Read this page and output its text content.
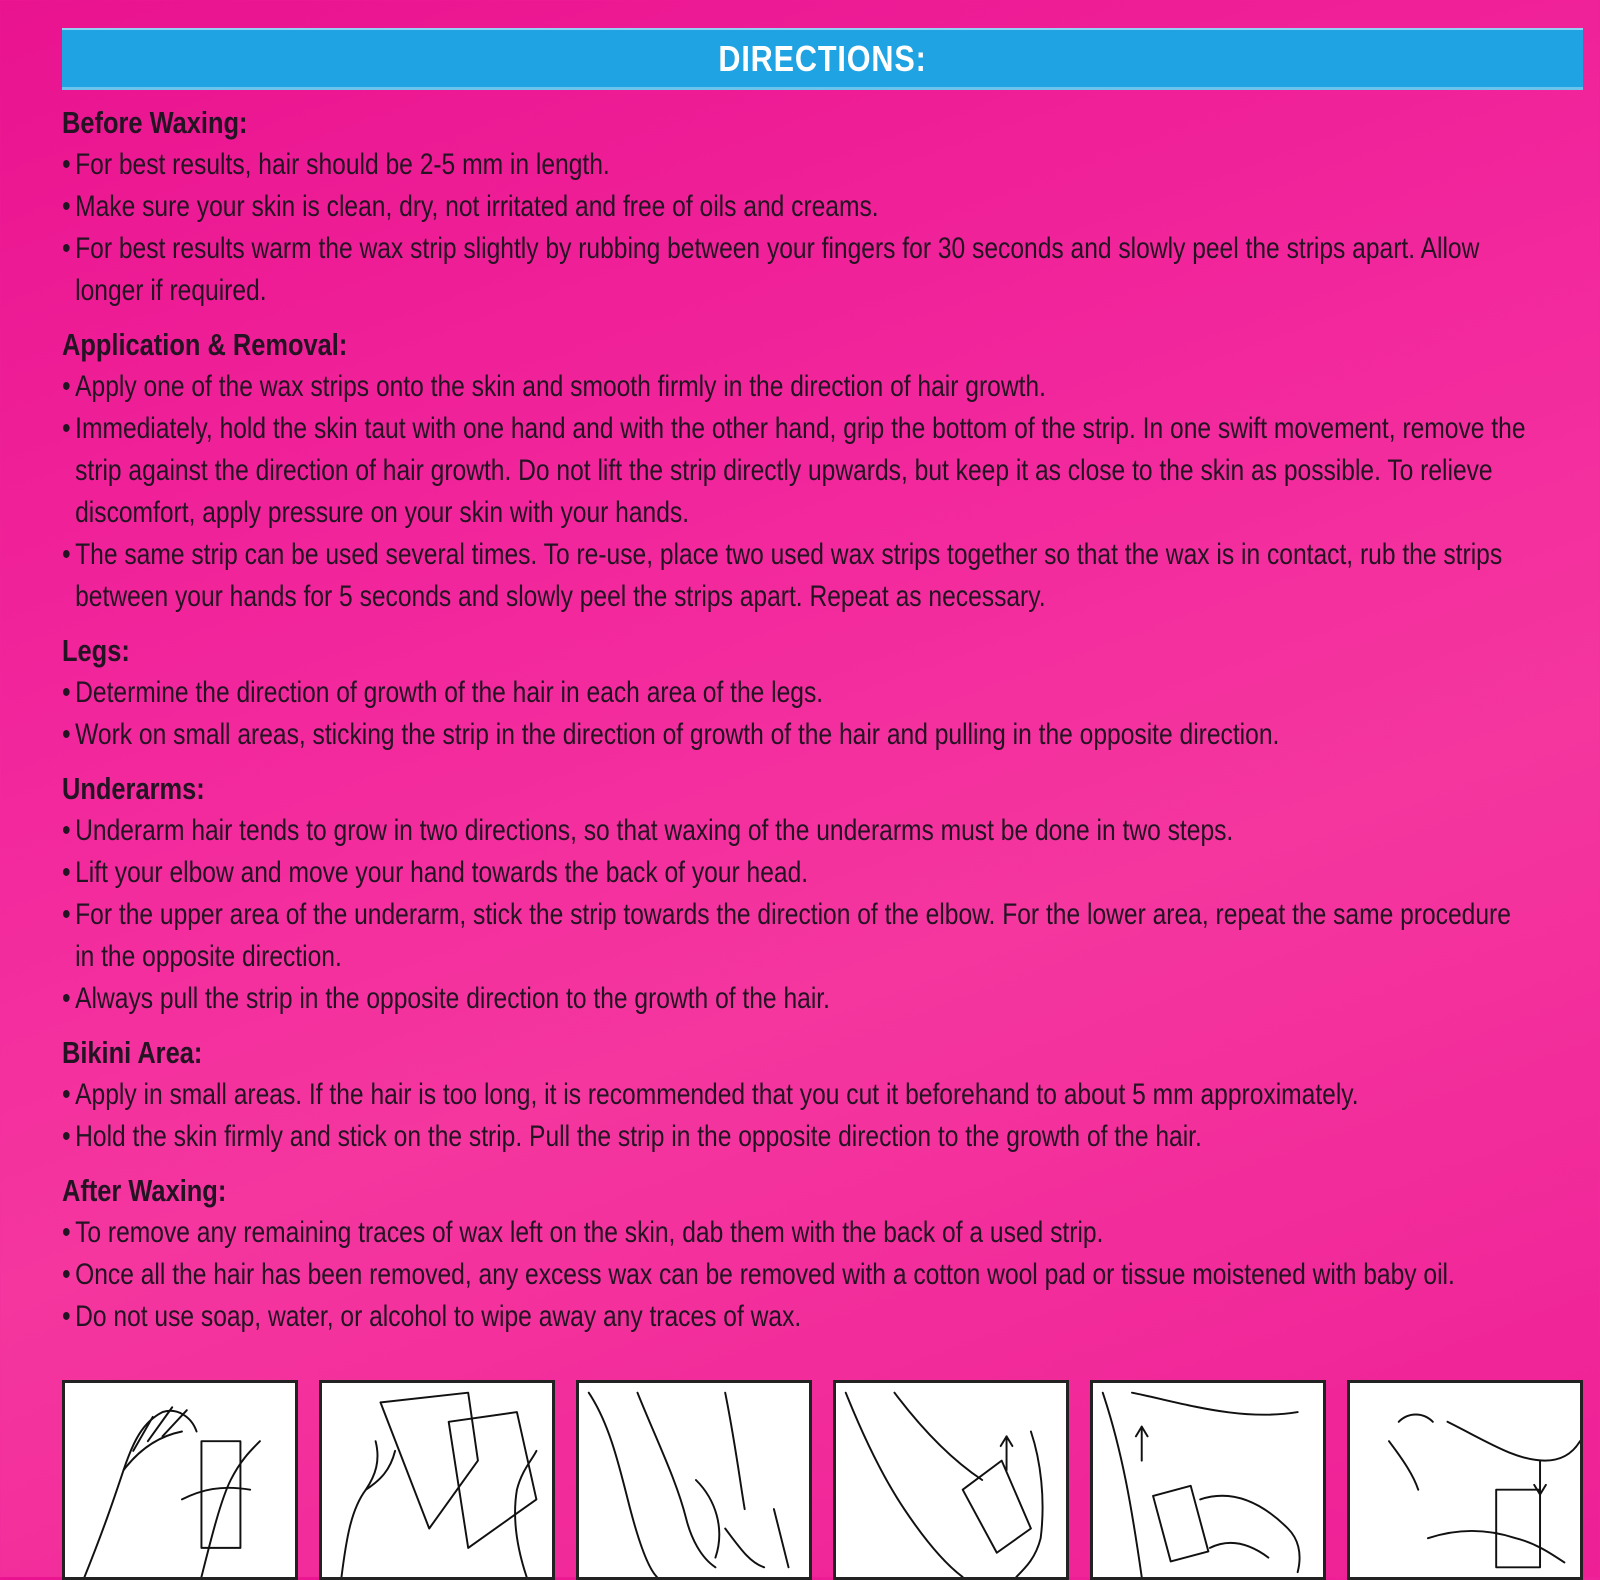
DIRECTIONS:
Before Waxing:
• For best results, hair should be 2-5 mm in length.
• Make sure your skin is clean, dry, not irritated and free of oils and creams.
• For best results warm the wax strip slightly by rubbing between your fingers for 30 seconds and slowly peel the strips apart. Allow longer if required.
Application & Removal:
• Apply one of the wax strips onto the skin and smooth firmly in the direction of hair growth.
• Immediately, hold the skin taut with one hand and with the other hand, grip the bottom of the strip. In one swift movement, remove the strip against the direction of hair growth. Do not lift the strip directly upwards, but keep it as close to the skin as possible. To relieve discomfort, apply pressure on your skin with your hands.
• The same strip can be used several times. To re-use, place two used wax strips together so that the wax is in contact, rub the strips between your hands for 5 seconds and slowly peel the strips apart. Repeat as necessary.
Legs:
• Determine the direction of growth of the hair in each area of the legs.
• Work on small areas, sticking the strip in the direction of growth of the hair and pulling in the opposite direction.
Underarms:
• Underarm hair tends to grow in two directions, so that waxing of the underarms must be done in two steps.
• Lift your elbow and move your hand towards the back of your head.
• For the upper area of the underarm, stick the strip towards the direction of the elbow. For the lower area, repeat the same procedure in the opposite direction.
• Always pull the strip in the opposite direction to the growth of the hair.
Bikini Area:
• Apply in small areas. If the hair is too long, it is recommended that you cut it beforehand to about 5 mm approximately.
• Hold the skin firmly and stick on the strip. Pull the strip in the opposite direction to the growth of the hair.
After Waxing:
• To remove any remaining traces of wax left on the skin, dab them with the back of a used strip.
• Once all the hair has been removed, any excess wax can be removed with a cotton wool pad or tissue moistened with baby oil.
• Do not use soap, water, or alcohol to wipe away any traces of wax.
